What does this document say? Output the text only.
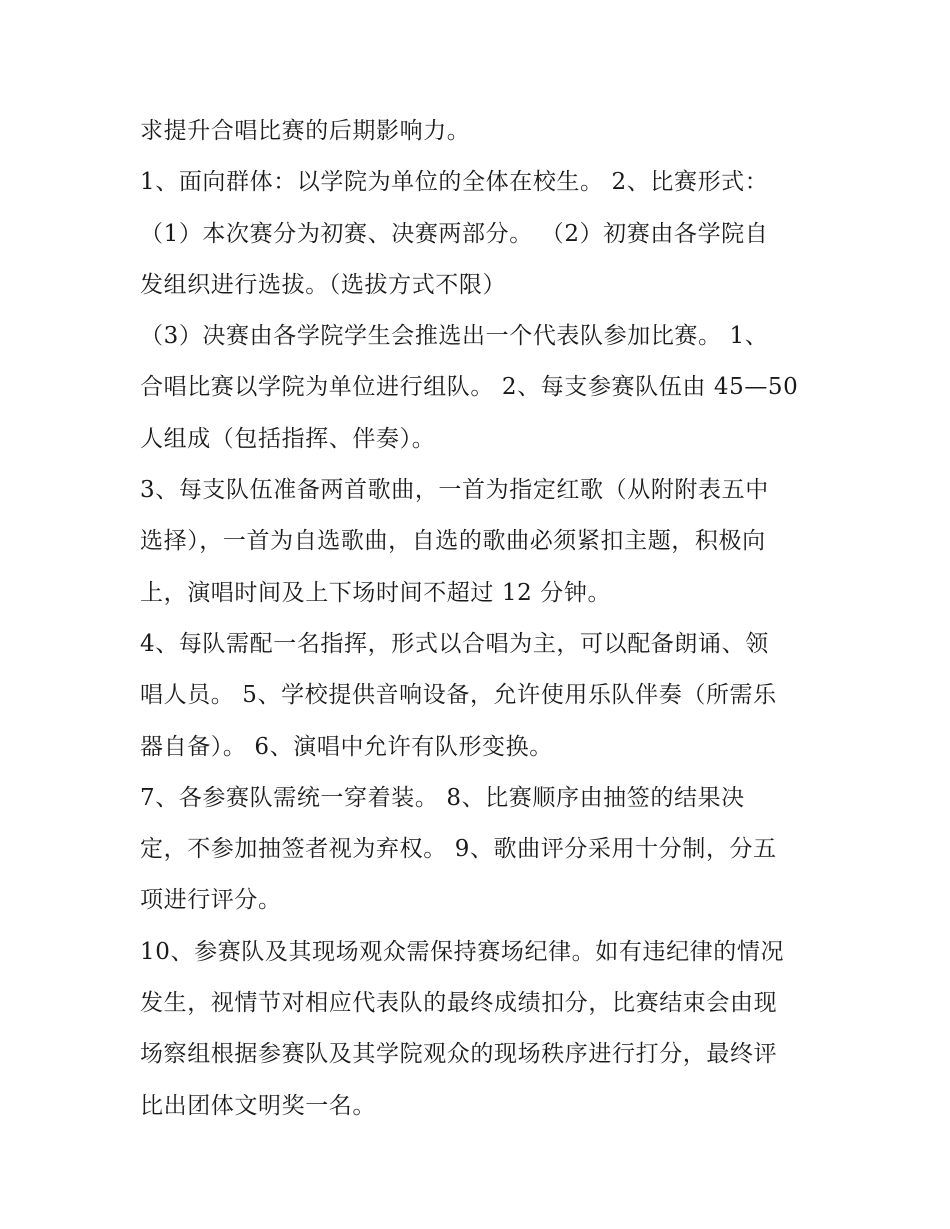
求提升合唱比赛的后期影响力。
1、面向群体：以学院为单位的全体在校生。 2、比赛形式：
（1）本次赛分为初赛、决赛两部分。 （2）初赛由各学院自
发组织进行选拔。（选拔方式不限）
（3）决赛由各学院学生会推选出一个代表队参加比赛。 1、
合唱比赛以学院为单位进行组队。 2、每支参赛队伍由 45—50
人组成（包括指挥、伴奏）。
3、每支队伍准备两首歌曲，一首为指定红歌（从附附表五中
选择），一首为自选歌曲，自选的歌曲必须紧扣主题，积极向
上，演唱时间及上下场时间不超过 12 分钟。
4、每队需配一名指挥，形式以合唱为主，可以配备朗诵、领
唱人员。 5、学校提供音响设备，允许使用乐队伴奏（所需乐
器自备）。 6、演唱中允许有队形变换。
7、各参赛队需统一穿着装。 8、比赛顺序由抽签的结果决
定，不参加抽签者视为弃权。 9、歌曲评分采用十分制，分五
项进行评分。
10、参赛队及其现场观众需保持赛场纪律。如有违纪律的情况
发生，视情节对相应代表队的最终成绩扣分，比赛结束会由现
场察组根据参赛队及其学院观众的现场秩序进行打分，最终评
比出团体文明奖一名。
